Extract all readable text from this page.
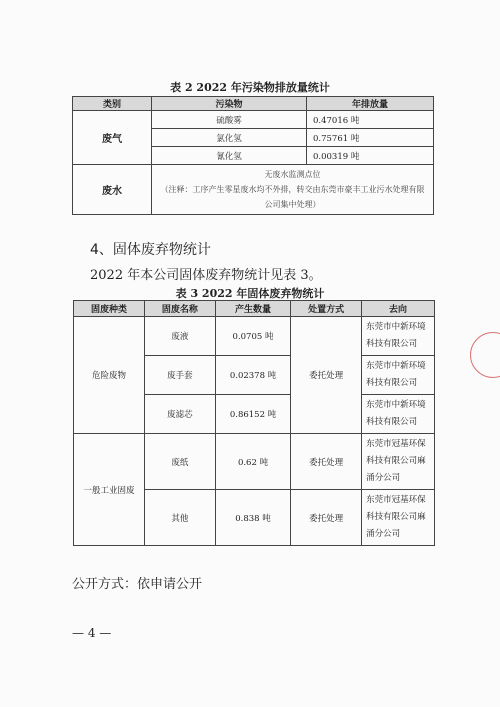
表 2 2022 年污染物排放量统计
类别	污染物	年排放量
废气	硫酸雾	0.47016 吨
	氯化氢	0.75761 吨
	氰化氢	0.00319 吨
废水	无废水监测点位
（注释：工序产生零星废水均不外排，转交由东莞市豪丰工业污水处理有限公司集中处理）	
4、固体废弃物统计
2022 年本公司固体废弃物统计见表 3。
表 3 2022 年固体废弃物统计
固废种类	固废名称	产生数量	处置方式	去向
危险废物	废液	0.0705 吨	委托处理	东莞市中新环境科技有限公司
	废手套	0.02378 吨		东莞市中新环境科技有限公司
	废滤芯	0.86152 吨		东莞市中新环境科技有限公司
一般工业固废	废纸	0.62 吨	委托处理	东莞市冠基环保科技有限公司麻涌分公司
	其他	0.838 吨	委托处理	东莞市冠基环保科技有限公司麻涌分公司
公开方式：依申请公开
— 4 —
